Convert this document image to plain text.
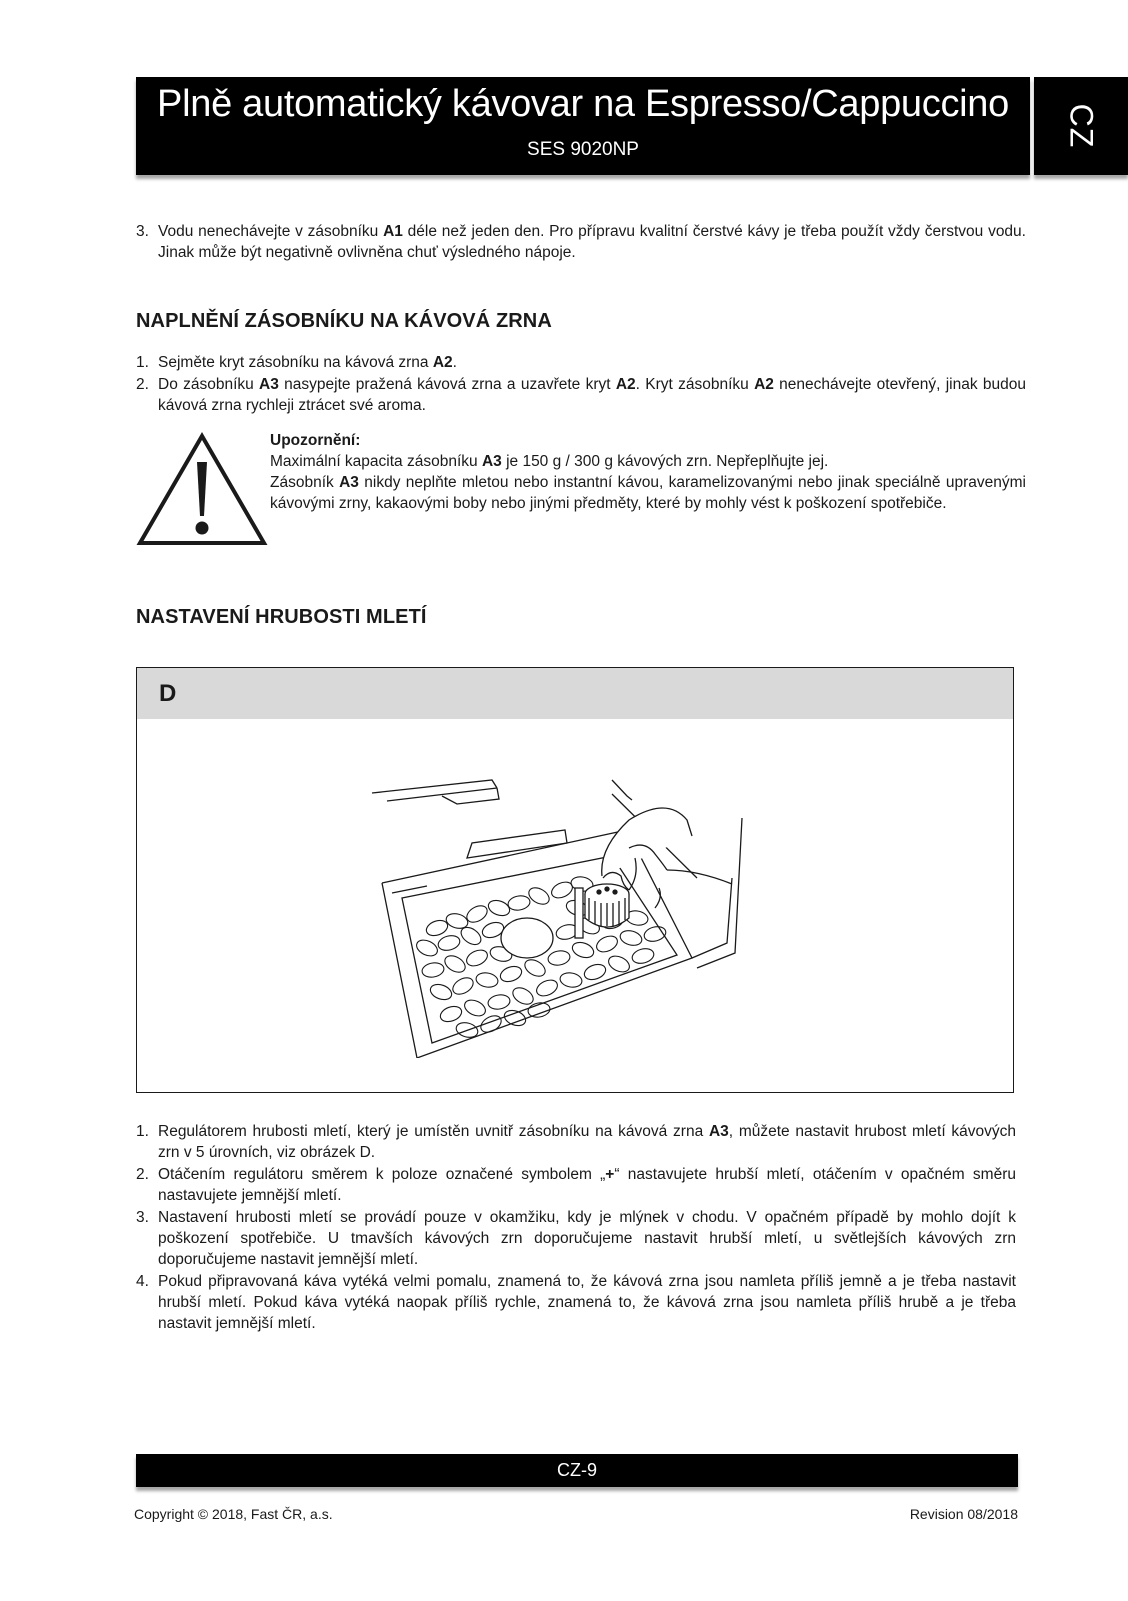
Plně automatický kávovar na Espresso/Cappuccino
SES 9020NP
CZ
3. Vodu nenechávejte v zásobníku A1 déle než jeden den. Pro přípravu kvalitní čerstvé kávy je třeba použít vždy čerstvou vodu. Jinak může být negativně ovlivněna chuť výsledného nápoje.
NAPLNĚNÍ ZÁSOBNÍKU NA KÁVOVÁ ZRNA
1. Sejměte kryt zásobníku na kávová zrna A2.
2. Do zásobníku A3 nasypejte pražená kávová zrna a uzavřete kryt A2. Kryt zásobníku A2 nenechávejte otevřený, jinak budou kávová zrna rychleji ztrácet své aroma.
Upozornění:
Maximální kapacita zásobníku A3 je 150 g / 300 g kávových zrn. Nepřeplňujte jej.
Zásobník A3 nikdy neplňte mletou nebo instantní kávou, karamelizovanými nebo jinak speciálně upravenými kávovými zrny, kakaovými boby nebo jinými předměty, které by mohly vést k poškození spotřebiče.
NASTAVENÍ HRUBOSTI MLETÍ
D
1. Regulátorem hrubosti mletí, který je umístěn uvnitř zásobníku na kávová zrna A3, můžete nastavit hrubost mletí kávových zrn v 5 úrovních, viz obrázek D.
2. Otáčením regulátoru směrem k poloze označené symbolem „+“ nastavujete hrubší mletí, otáčením v opačném směru nastavujete jemnější mletí.
3. Nastavení hrubosti mletí se provádí pouze v okamžiku, kdy je mlýnek v chodu. V opačném případě by mohlo dojít k poškození spotřebiče. U tmavších kávových zrn doporučujeme nastavit hrubší mletí, u světlejších kávových zrn doporučujeme nastavit jemnější mletí.
4. Pokud připravovaná káva vytéká velmi pomalu, znamená to, že kávová zrna jsou namleta příliš jemně a je třeba nastavit hrubší mletí. Pokud káva vytéká naopak příliš rychle, znamená to, že kávová zrna jsou namleta příliš hrubě a je třeba nastavit jemnější mletí.
CZ-9
Copyright © 2018, Fast ČR, a.s.	Revision 08/2018
